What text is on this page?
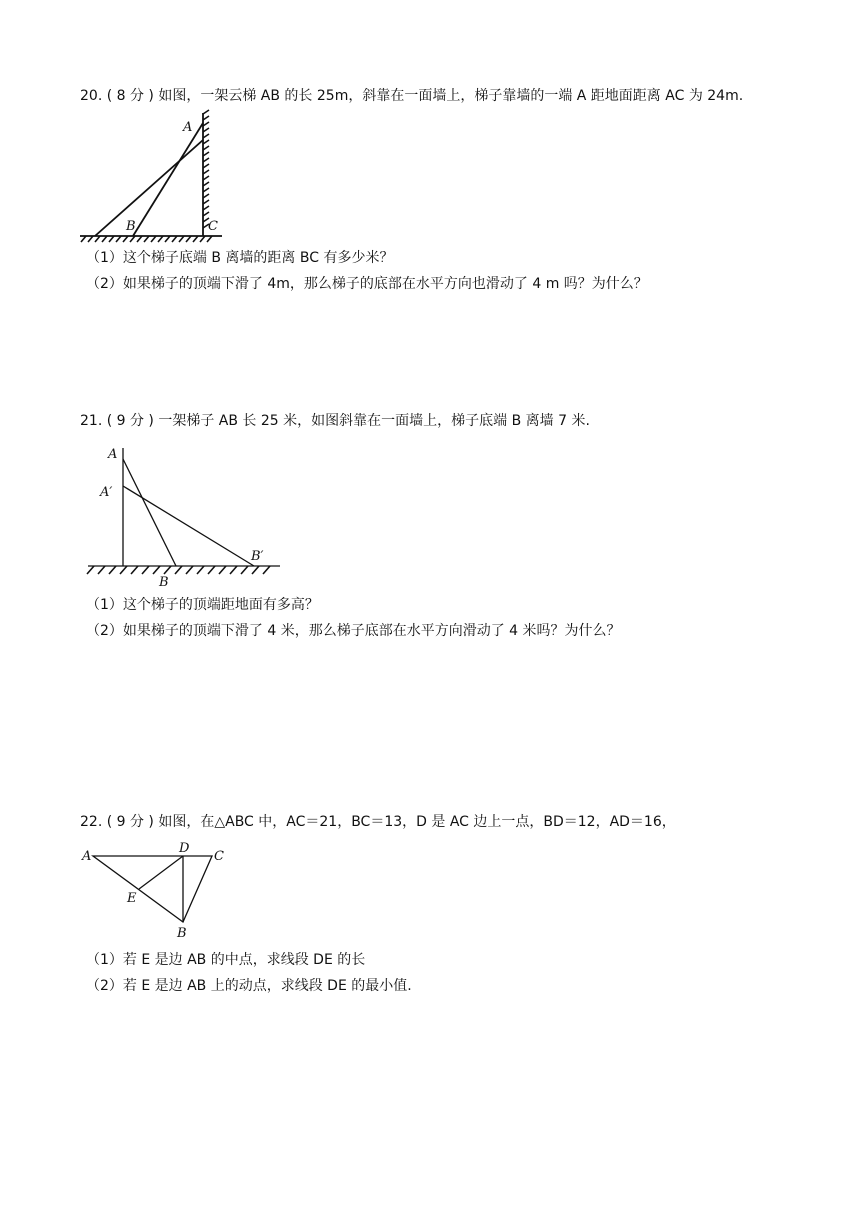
20. ( 8 分 ) 如图，一架云梯 AB 的长 25m，斜靠在一面墙上，梯子靠墙的一端 A 距地面距离 AC 为 24m.
A
B	C
A
A′
B
B′
A
D
C
E
B
（1）这个梯子底端 B 离墙的距离 BC 有多少米？
（2）如果梯子的顶端下滑了 4m，那么梯子的底部在水平方向也滑动了 4 m 吗？为什么？
21. ( 9 分 ) 一架梯子 AB 长 25 米，如图斜靠在一面墙上，梯子底端 B 离墙 7 米.
（1）这个梯子的顶端距地面有多高？
（2）如果梯子的顶端下滑了 4 米，那么梯子底部在水平方向滑动了 4 米吗？为什么？
22. ( 9 分 ) 如图，在△ABC 中，AC＝21，BC＝13，D 是 AC 边上一点，BD＝12，AD＝16，
（1）若 E 是边 AB 的中点，求线段 DE 的长
（2）若 E 是边 AB 上的动点，求线段 DE 的最小值.
